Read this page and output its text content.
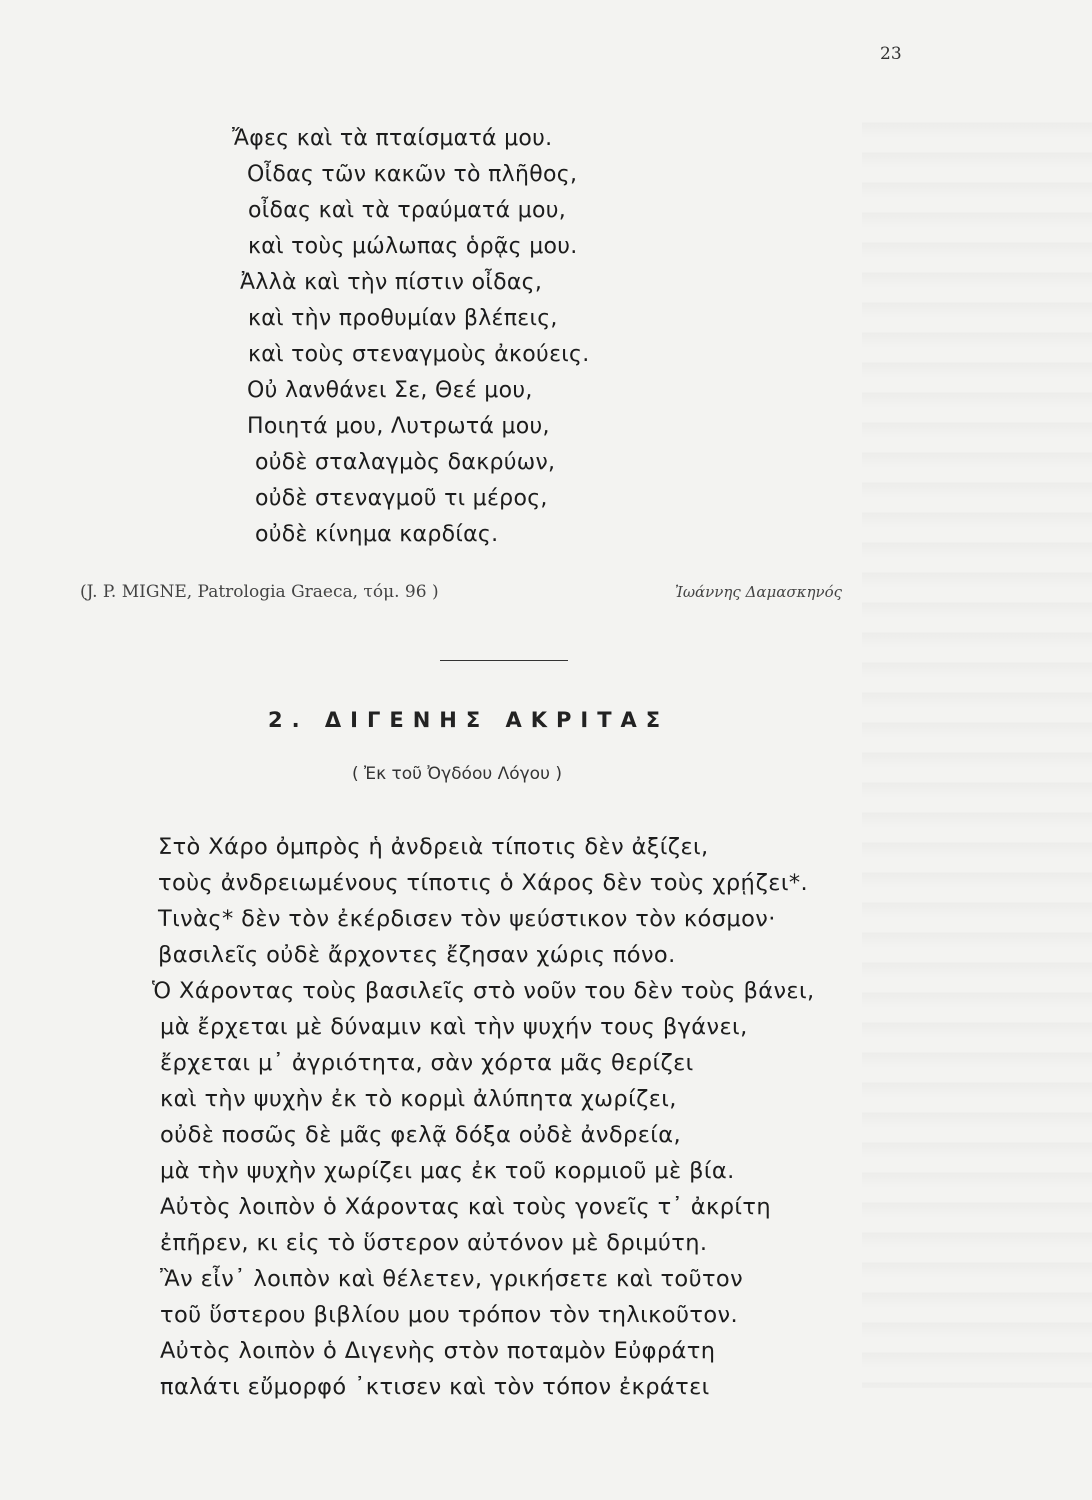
23
Ἄφες καὶ τὰ πταίσματά μου.
Οἶδας τῶν κακῶν τὸ πλῆθος,
οἶδας καὶ τὰ τραύματά μου,
καὶ τοὺς μώλωπας ὁρᾷς μου.
Ἀλλὰ καὶ τὴν πίστιν οἶδας,
καὶ τὴν προθυμίαν βλέπεις,
καὶ τοὺς στεναγμοὺς ἀκούεις.
Οὐ λανθάνει Σε, Θεέ μου,
Ποιητά μου, Λυτρωτά μου,
οὐδὲ σταλαγμὸς δακρύων,
οὐδὲ στεναγμοῦ τι μέρος,
οὐδὲ κίνημα καρδίας.
(J. P. MIGNE, Patrologia Graeca, τόμ. 96 )	Ἰωάννης Δαμασκηνός
2. ΔΙΓΕΝΗΣ ΑΚΡΙΤΑΣ
( Ἐκ τοῦ Ὀγδόου Λόγου )
Στὸ Χάρο ὀμπρὸς ἡ ἀνδρειὰ τίποτις δὲν ἀξίζει,
τοὺς ἀνδρειωμένους τίποτις ὁ Χάρος δὲν τοὺς χρῄζει*.
Τινὰς* δὲν τὸν ἐκέρδισεν τὸν ψεύστικον τὸν κόσμον·
βασιλεῖς οὐδὲ ἄρχοντες ἔζησαν χώρις πόνο.
Ὁ Χάροντας τοὺς βασιλεῖς στὸ νοῦν του δὲν τοὺς βάνει,
μὰ ἔρχεται μὲ δύναμιν καὶ τὴν ψυχήν τους βγάνει,
ἔρχεται μ᾽ ἀγριότητα, σὰν χόρτα μᾶς θερίζει
καὶ τὴν ψυχὴν ἐκ τὸ κορμὶ ἀλύπητα χωρίζει,
οὐδὲ ποσῶς δὲ μᾶς φελᾷ δόξα οὐδὲ ἀνδρεία,
μὰ τὴν ψυχὴν χωρίζει μας ἐκ τοῦ κορμιοῦ μὲ βία.
Αὐτὸς λοιπὸν ὁ Χάροντας καὶ τοὺς γονεῖς τ᾽ ἀκρίτη
ἐπῆρεν, κι εἰς τὸ ὕστερον αὐτόνον μὲ δριμύτη.
Ἂν εἶν᾽ λοιπὸν καὶ θέλετεν, γρικήσετε καὶ τοῦτον
τοῦ ὕστερου βιβλίου μου τρόπον τὸν τηλικοῦτον.
Αὐτὸς λοιπὸν ὁ Διγενὴς στὸν ποταμὸν Εὐφράτη
παλάτι εὔμορφό ᾽κτισεν καὶ τὸν τόπον ἐκράτει
